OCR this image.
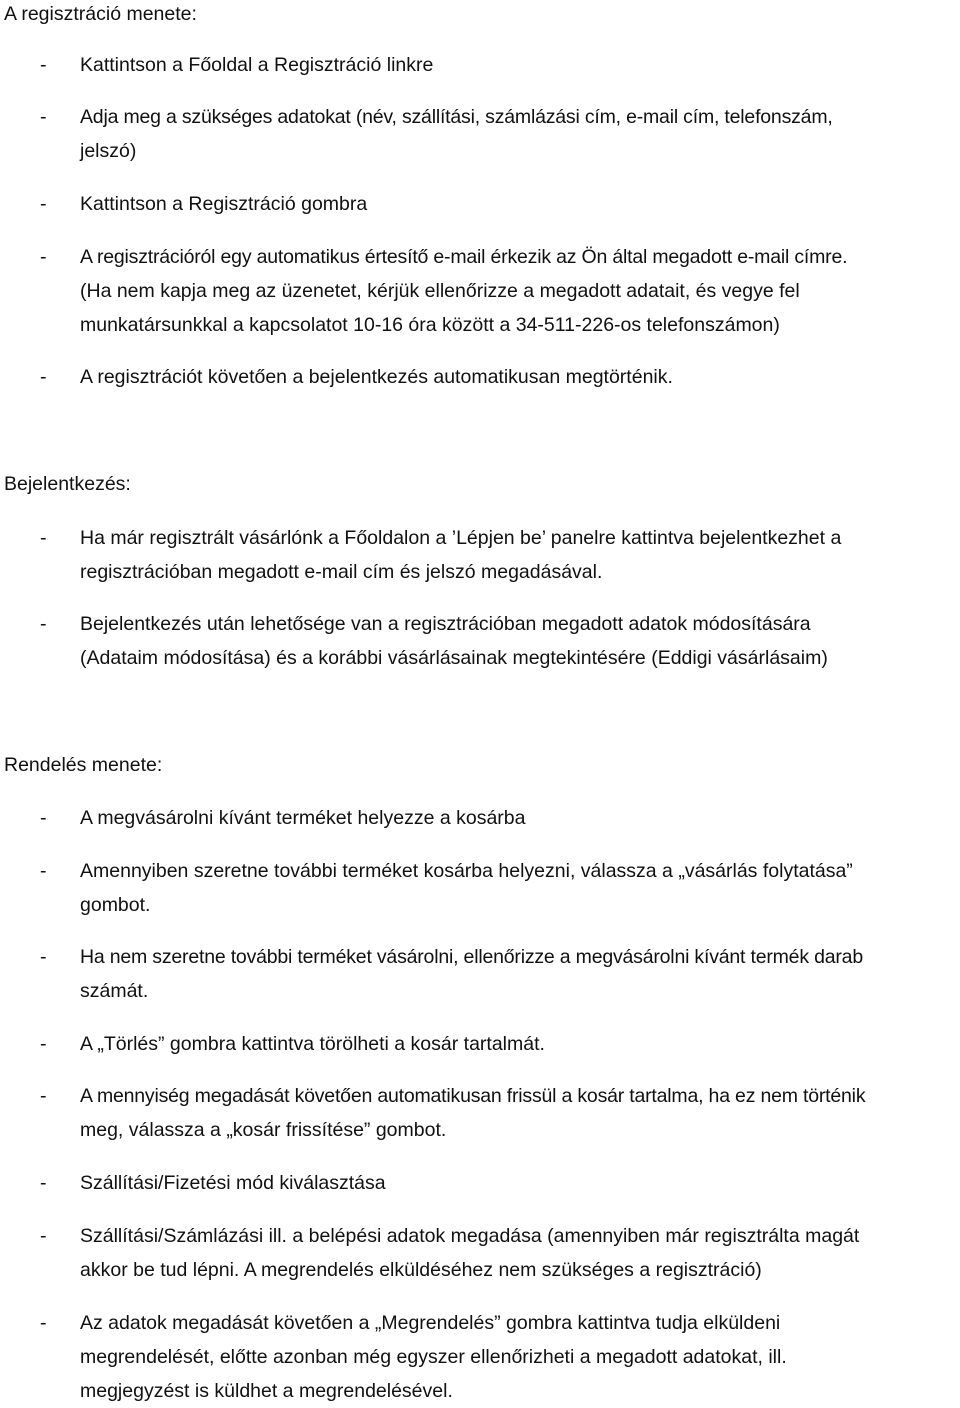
A regisztráció menete:
- Kattintson a Főoldal a Regisztráció linkre
- Adja meg a szükséges adatokat (név, szállítási, számlázási cím, e-mail cím, telefonszám,
jelszó)
- Kattintson a Regisztráció gombra
- A regisztrációról egy automatikus értesítő e-mail érkezik az Ön által megadott e-mail címre.
(Ha nem kapja meg az üzenetet, kérjük ellenőrizze a megadott adatait, és vegye fel
munkatársunkkal a kapcsolatot 10-16 óra között a 34-511-226-os telefonszámon)
- A regisztrációt követően a bejelentkezés automatikusan megtörténik.
Bejelentkezés:
- Ha már regisztrált vásárlónk a Főoldalon a ’Lépjen be’ panelre kattintva bejelentkezhet a
regisztrációban megadott e-mail cím és jelszó megadásával.
- Bejelentkezés után lehetősége van a regisztrációban megadott adatok módosítására
(Adataim módosítása) és a korábbi vásárlásainak megtekintésére (Eddigi vásárlásaim)
Rendelés menete:
- A megvásárolni kívánt terméket helyezze a kosárba
- Amennyiben szeretne további terméket kosárba helyezni, válassza a „vásárlás folytatása”
gombot.
- Ha nem szeretne további terméket vásárolni, ellenőrizze a megvásárolni kívánt termék darab
számát.
- A „Törlés” gombra kattintva törölheti a kosár tartalmát.
- A mennyiség megadását követően automatikusan frissül a kosár tartalma, ha ez nem történik
meg, válassza a „kosár frissítése” gombot.
- Szállítási/Fizetési mód kiválasztása
- Szállítási/Számlázási ill. a belépési adatok megadása (amennyiben már regisztrálta magát
akkor be tud lépni. A megrendelés elküldéséhez nem szükséges a regisztráció)
- Az adatok megadását követően a „Megrendelés” gombra kattintva tudja elküldeni
megrendelését, előtte azonban még egyszer ellenőrizheti a megadott adatokat, ill.
megjegyzést is küldhet a megrendelésével.
